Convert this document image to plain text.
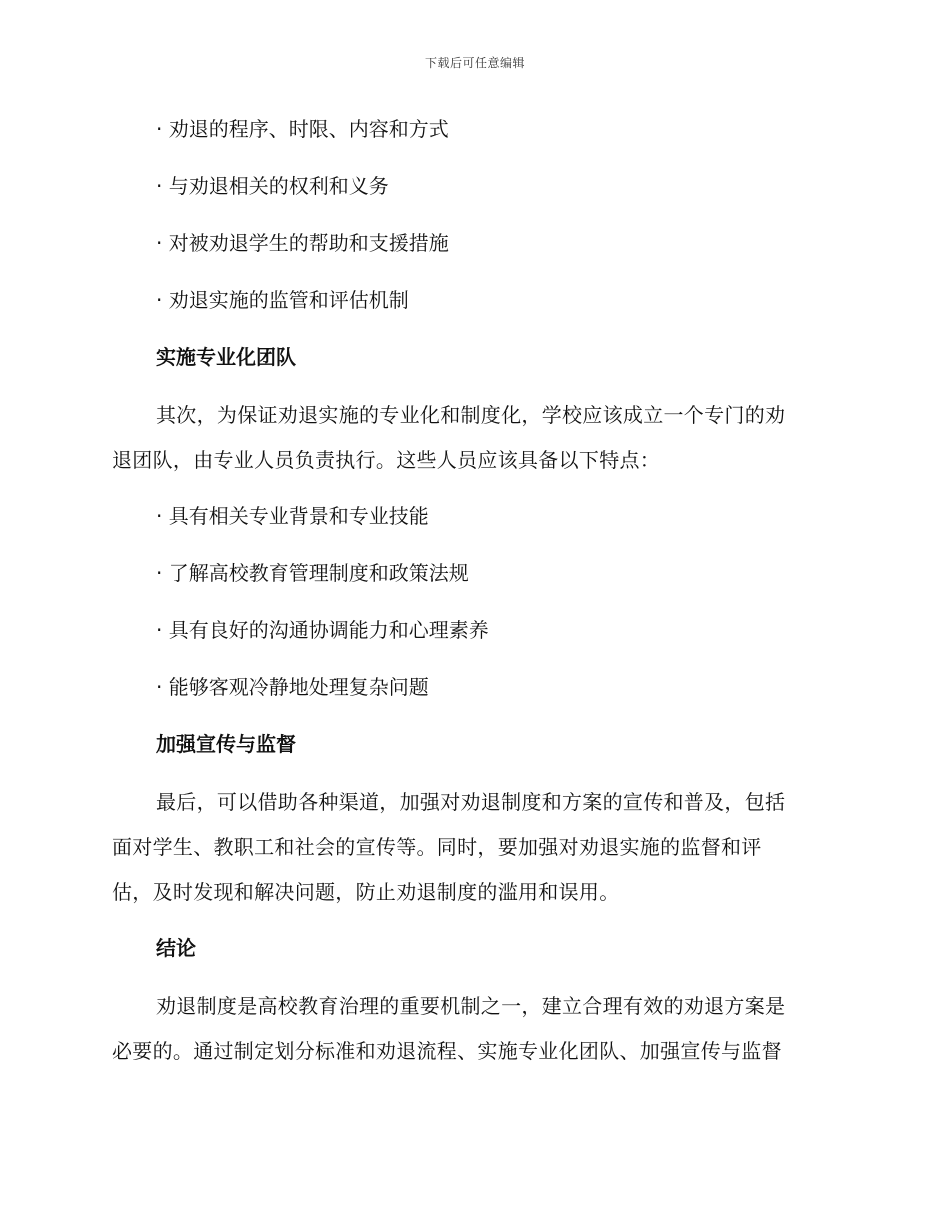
下载后可任意编辑
· 劝退的程序、时限、内容和方式
· 与劝退相关的权利和义务
· 对被劝退学生的帮助和支援措施
· 劝退实施的监管和评估机制
实施专业化团队
其次，为保证劝退实施的专业化和制度化，学校应该成立一个专门的劝
退团队，由专业人员负责执行。这些人员应该具备以下特点：
· 具有相关专业背景和专业技能
· 了解高校教育管理制度和政策法规
· 具有良好的沟通协调能力和心理素养
· 能够客观冷静地处理复杂问题
加强宣传与监督
最后，可以借助各种渠道，加强对劝退制度和方案的宣传和普及，包括
面对学生、教职工和社会的宣传等。同时，要加强对劝退实施的监督和评
估，及时发现和解决问题，防止劝退制度的滥用和误用。
结论
劝退制度是高校教育治理的重要机制之一，建立合理有效的劝退方案是
必要的。通过制定划分标准和劝退流程、实施专业化团队、加强宣传与监督
